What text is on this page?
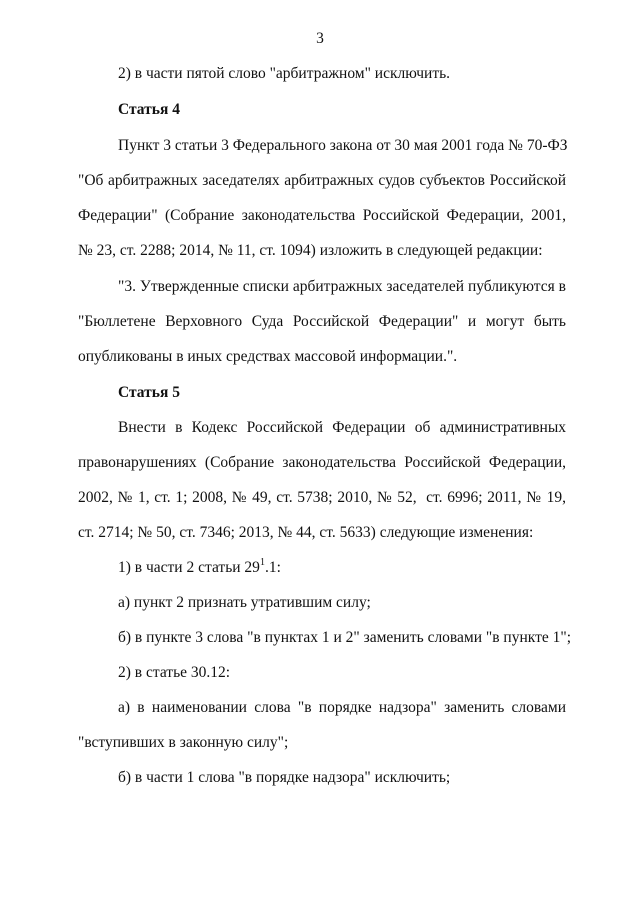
3
2) в части пятой слово "арбитражном" исключить.
Статья 4
Пункт 3 статьи 3 Федерального закона от 30 мая 2001 года № 70-ФЗ
"Об арбитражных заседателях арбитражных судов субъектов Российской
Федерации" (Собрание законодательства Российской Федерации, 2001,
№ 23, ст. 2288; 2014, № 11, ст. 1094) изложить в следующей редакции:
"3. Утвержденные списки арбитражных заседателей публикуются в
"Бюллетене Верховного Суда Российской Федерации" и могут быть
опубликованы в иных средствах массовой информации.".
Статья 5
Внести в Кодекс Российской Федерации об административных
правонарушениях (Собрание законодательства Российской Федерации,
2002, № 1, ст. 1; 2008, № 49, ст. 5738; 2010, № 52,  ст. 6996; 2011, № 19,
ст. 2714; № 50, ст. 7346; 2013, № 44, ст. 5633) следующие изменения:
1) в части 2 статьи $29^1.1$:
а) пункт 2 признать утратившим силу;
б) в пункте 3 слова "в пунктах 1 и 2" заменить словами "в пункте 1";
2) в статье 30.12:
а) в наименовании слова "в порядке надзора" заменить словами
"вступивших в законную силу";
б) в части 1 слова "в порядке надзора" исключить;
